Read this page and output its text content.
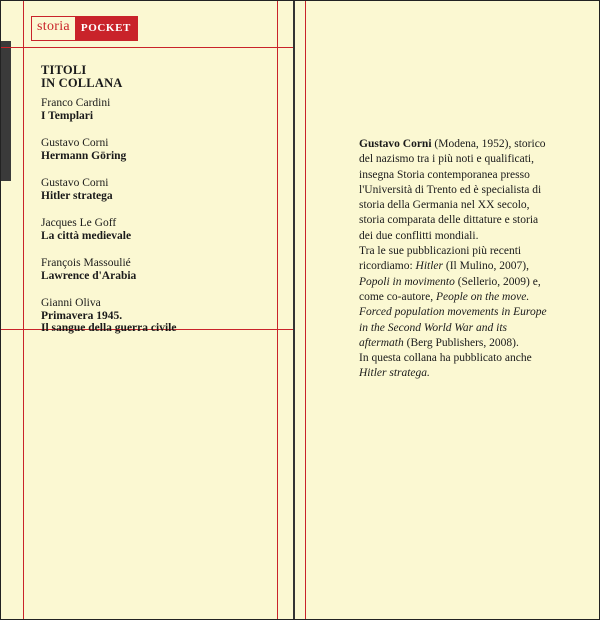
storia	POCKET
TITOLI
IN COLLANA
Franco Cardini
I Templari
Gustavo Corni
Hermann Göring
Gustavo Corni
Hitler stratega
Jacques Le Goff
La città medievale
François Massoulié
Lawrence d'Arabia
Gianni Oliva
Primavera 1945.
Il sangue della guerra civile

Gustavo Corni (Modena, 1952), storico del nazismo tra i più noti e qualificati, insegna Storia contemporanea presso l'Università di Trento ed è specialista di storia della Germania nel XX secolo, storia comparata delle dittature e storia dei due conflitti mondiali.

Tra le sue pubblicazioni più recenti ricordiamo: Hitler (Il Mulino, 2007), Popoli in movimento (Sellerio, 2009) e, come co-autore, People on the move. Forced population movements in Europe in the Second World War and its aftermath (Berg Publishers, 2008).

In questa collana ha pubblicato anche Hitler stratega.
